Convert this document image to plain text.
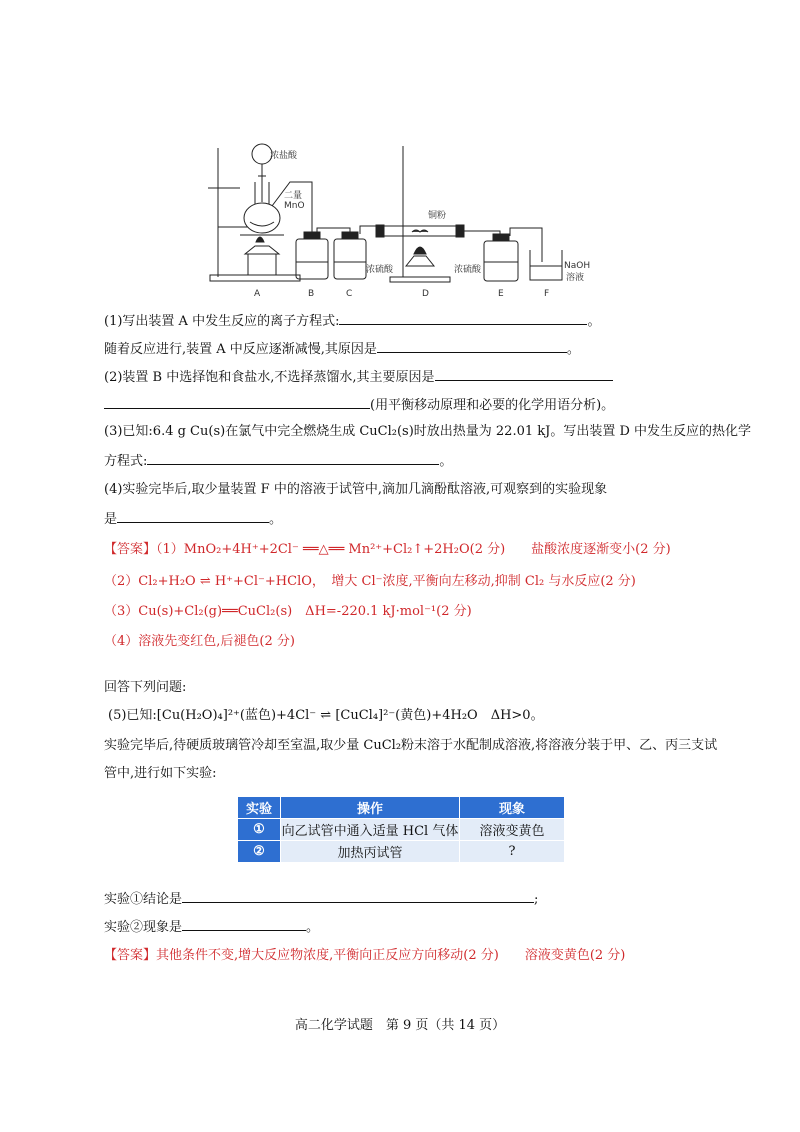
浓盐酸
二量
MnO
铜粉
浓硫酸	浓硫酸	NaOH
溶液
A	B	C	D	E	F
(1)写出装置 A 中发生反应的离子方程式:	。
随着反应进行,装置 A 中反应逐渐减慢,其原因是	。
(2)装置 B 中选择饱和食盐水,不选择蒸馏水,其主要原因是
(用平衡移动原理和必要的化学用语分析)。
(3)已知:6.4 g Cu(s)在氯气中完全燃烧生成 CuCl₂(s)时放出热量为 22.01 kJ。写出装置 D 中发生反应的热化学
方程式:	。
(4)实验完毕后,取少量装置 F 中的溶液于试管中,滴加几滴酚酞溶液,可观察到的实验现象
是	。
【答案】（1）MnO₂+4H⁺+2Cl⁻ ══△══ Mn²⁺+Cl₂↑+2H₂O(2 分)　　盐酸浓度逐渐变小(2 分)
（2）Cl₂+H₂O ⇌ H⁺+Cl⁻+HClO，　增大 Cl⁻浓度,平衡向左移动,抑制 Cl₂ 与水反应(2 分)
（3）Cu(s)+Cl₂(g)══CuCl₂(s)　ΔH=-220.1 kJ·mol⁻¹(2 分)
（4）溶液先变红色,后褪色(2 分)
回答下列问题:
(5)已知:[Cu(H₂O)₄]²⁺(蓝色)+4Cl⁻ ⇌ [CuCl₄]²⁻(黄色)+4H₂O　ΔH>0。
实验完毕后,待硬质玻璃管冷却至室温,取少量 CuCl₂粉末溶于水配制成溶液,将溶液分装于甲、乙、丙三支试
管中,进行如下实验:
实验	操作	现象
①	向乙试管中通入适量 HCl 气体	溶液变黄色
②	加热丙试管	?
实验①结论是	;
实验②现象是	。
【答案】其他条件不变,增大反应物浓度,平衡向正反应方向移动(2 分)　　溶液变黄色(2 分)
高二化学试题　第 9 页（共 14 页）
